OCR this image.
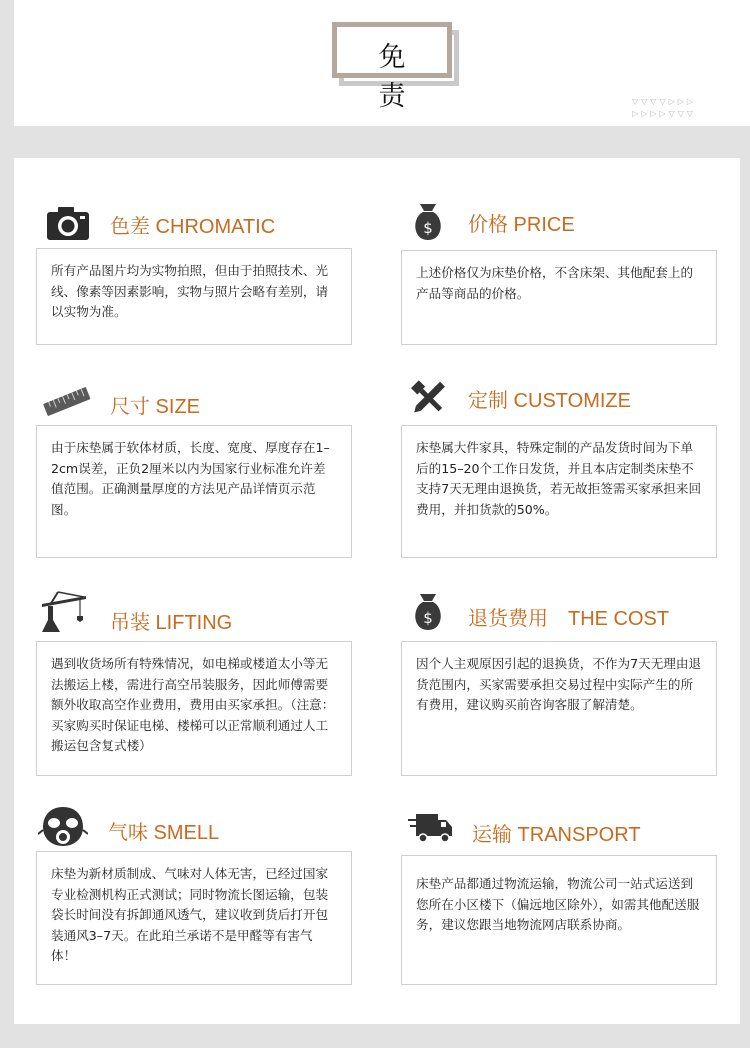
免 责	▽▽▽▽▷▷▷
▷▷▷▷▽▽▽
色差 CHROMATIC
所有产品图片均为实物拍照，但由于拍照技术、光线、像素等因素影响，实物与照片会略有差别，请以实物为准。
$ 价格 PRICE
上述价格仅为床垫价格，不含床架、其他配套上的产品等商品的价格。
尺寸 SIZE
由于床垫属于软体材质，长度、宽度、厚度存在1–2cm误差，正负2厘米以内为国家行业标准允许差值范围。正确测量厚度的方法见产品详情页示范图。
定制 CUSTOMIZE
床垫属大件家具，特殊定制的产品发货时间为下单后的15–20个工作日发货，并且本店定制类床垫不支持7天无理由退换货，若无故拒签需买家承担来回费用，并扣货款的50%。
吊装 LIFTING
遇到收货场所有特殊情况，如电梯或楼道太小等无法搬运上楼，需进行高空吊装服务，因此师傅需要额外收取高空作业费用，费用由买家承担。（注意：买家购买时保证电梯、楼梯可以正常顺利通过人工搬运包含复式楼）
$ 退货费用　THE COST
因个人主观原因引起的退换货，不作为7天无理由退货范围内，买家需要承担交易过程中实际产生的所有费用，建议购买前咨询客服了解清楚。
气味 SMELL
床垫为新材质制成、气味对人体无害，已经过国家专业检测机构正式测试；同时物流长图运输，包装袋长时间没有拆卸通风透气，建议收到货后打开包装通风3–7天。在此珀兰承诺不是甲醛等有害气体！
运输 TRANSPORT
床垫产品都通过物流运输，物流公司一站式运送到您所在小区楼下（偏远地区除外），如需其他配送服务，建议您跟当地物流网店联系协商。
